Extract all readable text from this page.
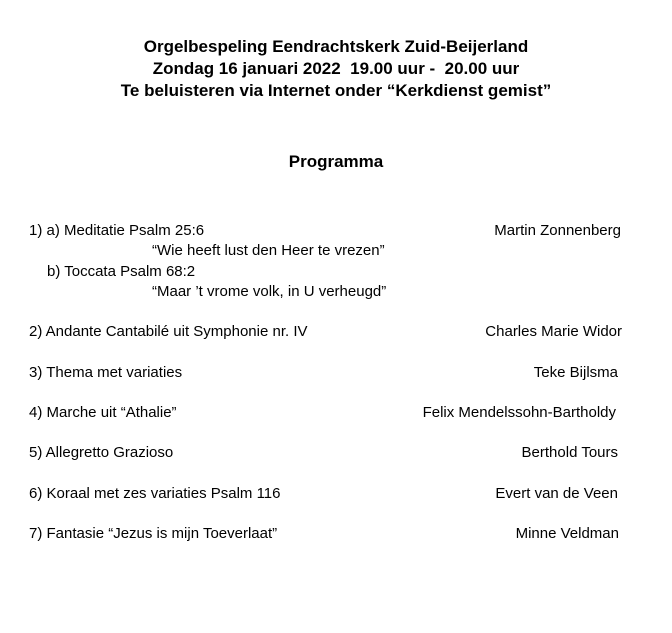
Orgelbespeling Eendrachtskerk Zuid-Beijerland
Zondag 16 januari 2022  19.00 uur -  20.00 uur
Te beluisteren via Internet onder “Kerkdienst gemist”
Programma
1) a) Meditatie Psalm 25:6	Martin Zonnenberg
“Wie heeft lust den Heer te vrezen”
b) Toccata Psalm 68:2
“Maar ’t vrome volk, in U verheugd”
2) Andante Cantabilé uit Symphonie nr. IV	Charles Marie Widor
3) Thema met variaties	Teke Bijlsma
4) Marche uit “Athalie”	Felix Mendelssohn-Bartholdy
5) Allegretto Grazioso	Berthold Tours
6) Koraal met zes variaties Psalm 116	Evert van de Veen
7) Fantasie “Jezus is mijn Toeverlaat”	Minne Veldman
